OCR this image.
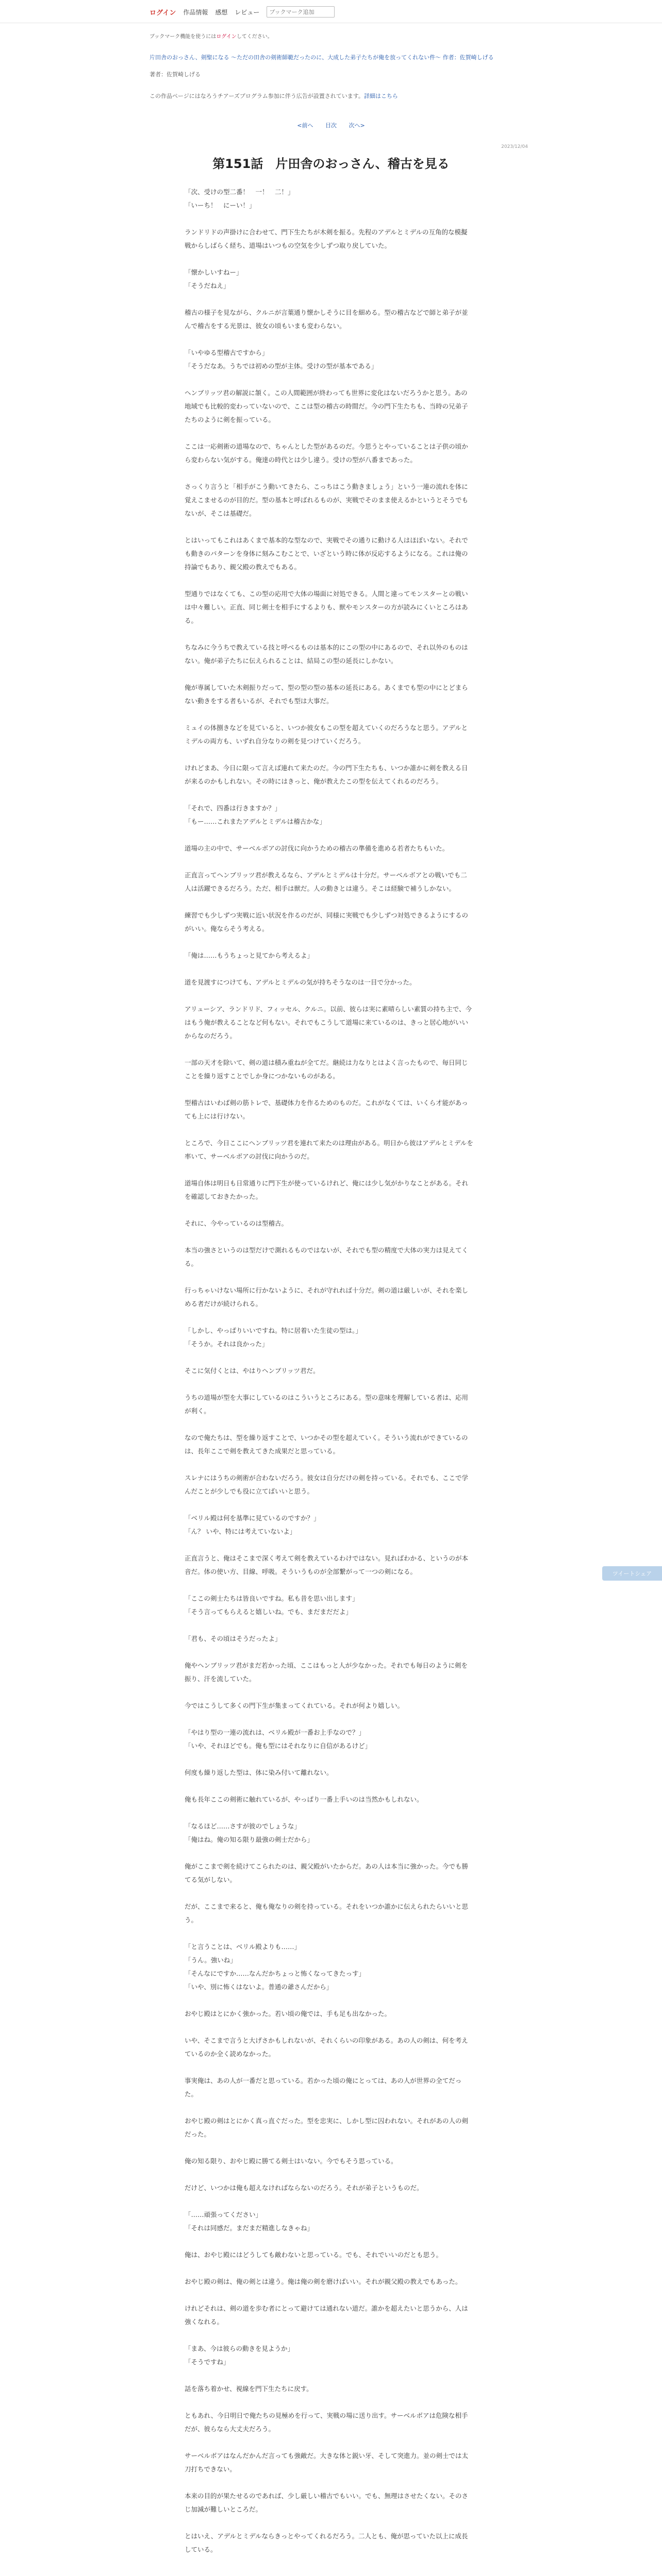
ログイン 作品情報 感想 レビュー
ブックマーク追加
ブックマーク機能を使うにはログインしてください。
片田舎のおっさん、剣聖になる ～ただの田舎の剣術師範だったのに、大成した弟子たちが俺を放ってくれない件～ 作者：佐賀崎しげる
著者：佐賀崎しげる
この作品ページにはなろうチアーズプログラム参加に伴う広告が設置されています。詳細はこちら
<前へ 目次 次へ>
2023/12/04
第151話　片田舎のおっさん、稽古を見る

「次、受けの型二番！　一！　二！」
「いーち！　にーい！」

ランドリドの声掛けに合わせて、門下生たちが木剣を振る。先程のアデルとミデルの互角的な模擬戦からしばらく経ち、道場はいつもの空気を少しずつ取り戻していた。

「懐かしいすねー」
「そうだねえ」

稽古の様子を見ながら、クルニが言葉通り懐かしそうに目を細める。型の稽古などで師と弟子が並んで稽古をする光景は、彼女の頃もいまも変わらない。

「いやゆる型稽古ですから」
「そうだなあ。うちでは初めの型が主体。受けの型が基本である」

ヘンブリッツ君の解説に頷く。この人間範囲が終わっても世界に変化はないだろうかと思う。あの地域でも比較的変わっていないので、ここは型の稽古の時間だ。今の門下生たちも、当時の兄弟子たちのように剣を振っている。

ここは一応剣術の道場なので、ちゃんとした型があるのだ。今思うとやっていることは子供の頃から変わらない気がする。俺達の時代とは少し違う。受けの型が八番まであった。

さっくり言うと「相手がこう動いてきたら、こっちはこう動きましょう」という一連の流れを体に覚えこませるのが目的だ。型の基本と呼ばれるものが、実戦でそのまま使えるかというとそうでもないが、そこは基礎だ。

とはいってもこれはあくまで基本的な型なので、実戦でその通りに動ける人はほぼいない。それでも動きのパターンを身体に刻みこむことで、いざという時に体が反応するようになる。これは俺の持論でもあり、親父殿の教えでもある。

型通りではなくても、この型の応用で大体の場面に対処できる。人間と違ってモンスターとの戦いは中々難しい。正直、同じ剣士を相手にするよりも、獣やモンスターの方が読みにくいところはある。

ちなみに今うちで教えている技と呼べるものは基本的にこの型の中にあるので、それ以外のものはない。俺が弟子たちに伝えられることは、結局この型の延長にしかない。

俺が専属していた木剣振りだって、型の型の型の基本の延長にある。あくまでも型の中にとどまらない動きをする者もいるが、それでも型は大事だ。

ミュイの体捌きなどを見ていると、いつか彼女もこの型を超えていくのだろうなと思う。アデルとミデルの両方も、いずれ自分なりの剣を見つけていくだろう。

けれどまあ、今日に限って言えば連れて来たのだ。今の門下生たちも、いつか誰かに剣を教える日が来るのかもしれない。その時にはきっと、俺が教えたこの型を伝えてくれるのだろう。

「それで、四番は行きますか？」
「もー……これまたアデルとミデルは稽古かな」

道場の主の中で、サーベルボアの討伐に向かうための稽古の準備を進める若者たちもいた。

正直言ってヘンブリッツ君が教えるなら、アデルとミデルは十分だ。サーベルボアとの戦いでも二人は活躍できるだろう。ただ、相手は獣だ。人の動きとは違う。そこは経験で補うしかない。

練習でも少しずつ実戦に近い状況を作るのだが、同様に実戦でも少しずつ対処できるようにするのがいい。俺ならそう考える。

「俺は……もうちょっと見てから考えるよ」

道を見渡すにつけても、アデルとミデルの気が持ちそうなのは一目で分かった。

アリューシア、ランドリド、フィッセル、クルニ。以前、彼らは実に素晴らしい素質の持ち主で、今はもう俺が教えることなど何もない。それでもこうして道場に来ているのは、きっと居心地がいいからなのだろう。

一部の天才を除いて、剣の道は積み重ねが全てだ。継続は力なりとはよく言ったもので、毎日同じことを繰り返すことでしか身につかないものがある。

型稽古はいわば剣の筋トレで、基礎体力を作るためのものだ。これがなくては、いくら才能があっても上には行けない。

ところで、今日ここにヘンブリッツ君を連れて来たのは理由がある。明日から彼はアデルとミデルを率いて、サーベルボアの討伐に向かうのだ。

道場自体は明日も日常通りに門下生が使っているけれど、俺には少し気がかりなことがある。それを確認しておきたかった。

それに、今やっているのは型稽古。

本当の強さというのは型だけで測れるものではないが、それでも型の精度で大体の実力は見えてくる。

行っちゃいけない場所に行かないように、それが守れれば十分だ。剣の道は厳しいが、それを楽しめる者だけが続けられる。

「しかし、やっぱりいいですね。特に居着いた生徒の型は。」
「そうか。それは良かった」

そこに気付くとは、やはりヘンブリッツ君だ。

うちの道場が型を大事にしているのはこういうところにある。型の意味を理解している者は、応用が利く。

なので俺たちは、型を繰り返すことで、いつかその型を超えていく。そういう流れができているのは、長年ここで剣を教えてきた成果だと思っている。

スレナにはうちの剣術が合わないだろう。彼女は自分だけの剣を持っている。それでも、ここで学んだことが少しでも役に立てばいいと思う。

「ベリル殿は何を基準に見ているのですか？」
「ん？ いや、特には考えていないよ」

正直言うと、俺はそこまで深く考えて剣を教えているわけではない。見ればわかる、というのが本音だ。体の使い方、目線、呼吸。そういうものが全部繋がって一つの剣になる。

「ここの剣士たちは皆良いですね。私も昔を思い出します」
「そう言ってもらえると嬉しいね。でも、まだまだだよ」

「君も、その頃はそうだったよ」

俺やヘンブリッツ君がまだ若かった頃、ここはもっと人が少なかった。それでも毎日のように剣を振り、汗を流していた。

今ではこうして多くの門下生が集まってくれている。それが何より嬉しい。

「やはり型の一連の流れは、ベリル殿が一番お上手なので？」
「いや、それほどでも。俺も型にはそれなりに自信があるけど」

何度も繰り返した型は、体に染み付いて離れない。

俺も長年ここの剣術に触れているが、やっぱり一番上手いのは当然かもしれない。

「なるほど……さすが彼のでしょうな」
「俺はね。俺の知る限り最強の剣士だから」

俺がここまで剣を続けてこられたのは、親父殿がいたからだ。あの人は本当に強かった。今でも勝てる気がしない。

だが、ここまで来ると、俺も俺なりの剣を持っている。それをいつか誰かに伝えられたらいいと思う。

「と言うことは、ベリル殿よりも……」
「うん。強いね」
「そんなにですか……なんだかちょっと怖くなってきたっす」
「いや、別に怖くはないよ。普通の爺さんだから」

おやじ殿はとにかく強かった。若い頃の俺では、手も足も出なかった。

いや、そこまで言うと大げさかもしれないが、それくらいの印象がある。あの人の剣は、何を考えているのか全く読めなかった。

事実俺は、あの人が一番だと思っている。若かった頃の俺にとっては、あの人が世界の全てだった。

おやじ殿の剣はとにかく真っ直ぐだった。型を忠実に、しかし型に囚われない。それがあの人の剣だった。

俺の知る限り、おやじ殿に勝てる剣士はいない。今でもそう思っている。

だけど、いつかは俺も超えなければならないのだろう。それが弟子というものだ。

「……頑張ってください」
「それは同感だ。まだまだ精進しなきゃね」

俺は、おやじ殿にはどうしても敵わないと思っている。でも、それでいいのだとも思う。

おやじ殿の剣は、俺の剣とは違う。俺は俺の剣を磨けばいい。それが親父殿の教えでもあった。

けれどそれは、剣の道を歩む者にとって避けては通れない道だ。誰かを超えたいと思うから、人は強くなれる。

「まあ、今は彼らの動きを見ようか」
「そうですね」

話を落ち着かせ、視線を門下生たちに戻す。

ともあれ、今日明日で俺たちの見極めを行って、実戦の場に送り出す。サーベルボアは危険な相手だが、彼らなら大丈夫だろう。

サーベルボアはなんだかんだ言っても強敵だ。大きな体と鋭い牙、そして突進力。並の剣士では太刀打ちできない。

本来の目的が果たせるのであれば、少し厳しい稽古でもいい。でも、無理はさせたくない。そのさじ加減が難しいところだ。

とはいえ、アデルとミデルならきっとやってくれるだろう。二人とも、俺が思っていた以上に成長している。

ツイートシェア
